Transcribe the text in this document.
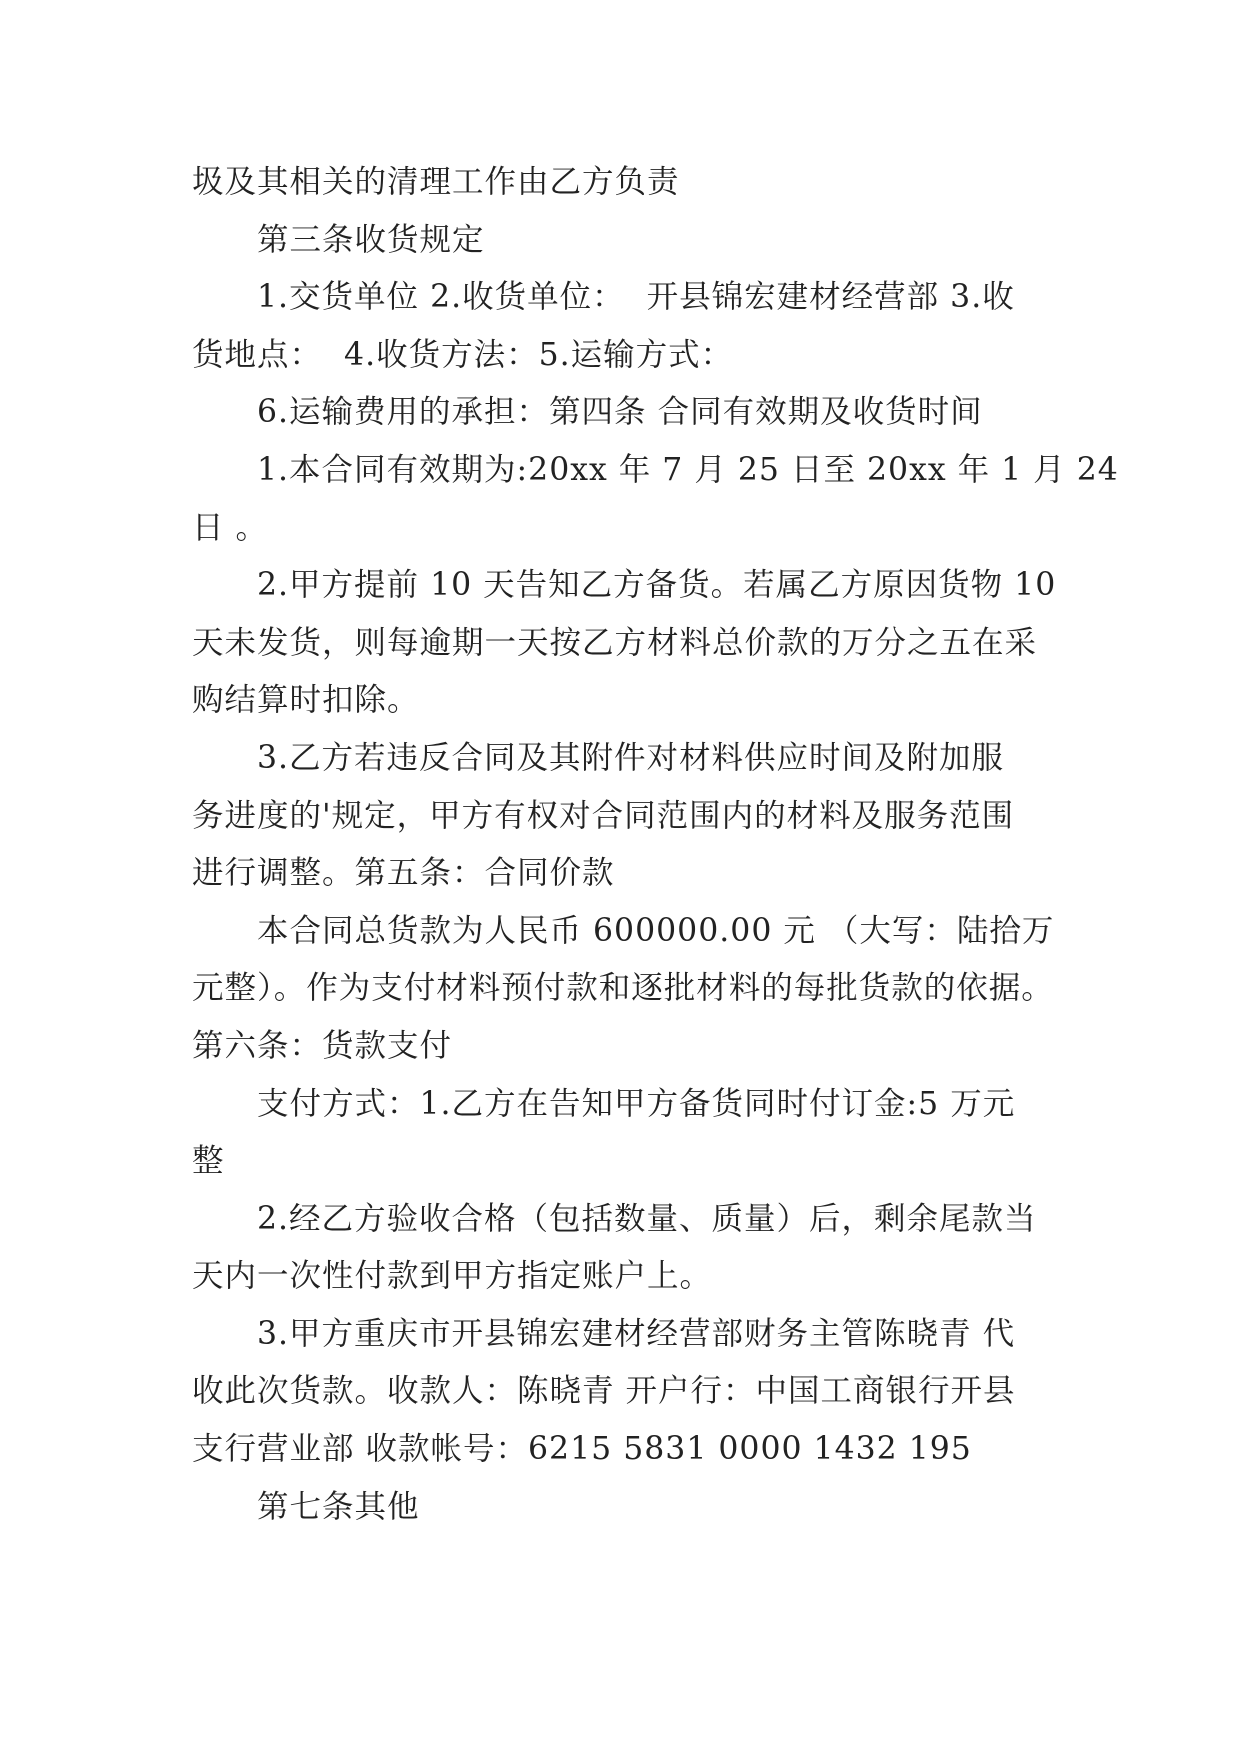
圾及其相关的清理工作由乙方负责
第三条收货规定
1.交货单位 2.收货单位：  开县锦宏建材经营部 3.收
货地点：  4.收货方法：5.运输方式：
6.运输费用的承担：第四条 合同有效期及收货时间
1.本合同有效期为:20xx 年 7 月 25 日至 20xx 年 1 月 24
日 。
2.甲方提前 10 天告知乙方备货。若属乙方原因货物 10
天未发货，则每逾期一天按乙方材料总价款的万分之五在采
购结算时扣除。
3.乙方若违反合同及其附件对材料供应时间及附加服
务进度的'规定，甲方有权对合同范围内的材料及服务范围
进行调整。第五条：合同价款
本合同总货款为人民币 600000.00 元 （大写：陆拾万
元整）。作为支付材料预付款和逐批材料的每批货款的依据。
第六条：货款支付
支付方式：1.乙方在告知甲方备货同时付订金:5 万元
整
2.经乙方验收合格（包括数量、质量）后，剩余尾款当
天内一次性付款到甲方指定账户上。
3.甲方重庆市开县锦宏建材经营部财务主管陈晓青 代
收此次货款。收款人：陈晓青 开户行：中国工商银行开县
支行营业部 收款帐号：6215 5831 0000 1432 195
第七条其他
